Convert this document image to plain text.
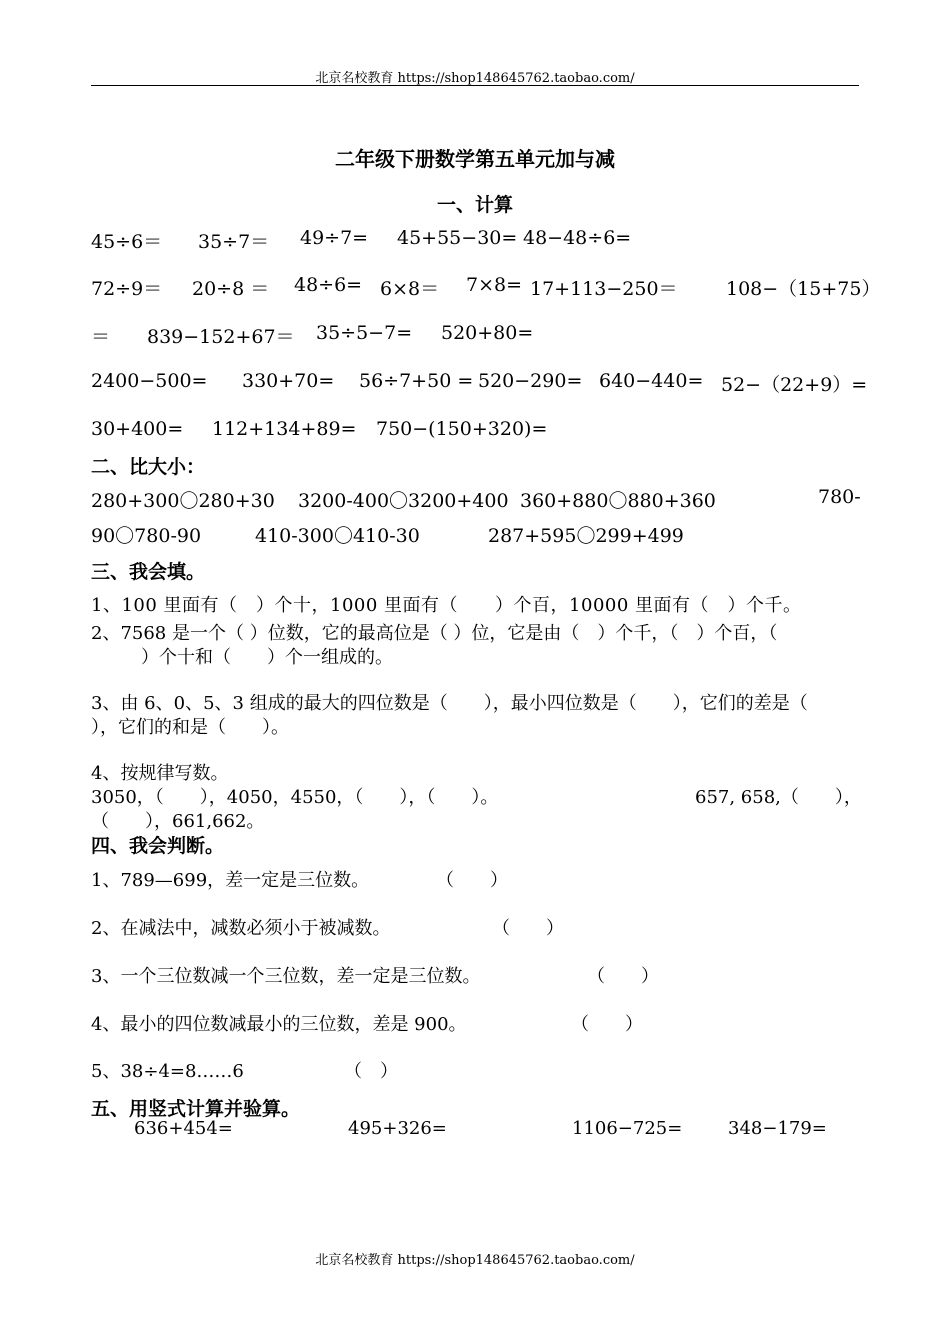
北京名校教育 https://shop148645762.taobao.com/
二年级下册数学第五单元加与减
一、计算
45÷6＝ 35÷7＝ 49÷7= 45+55−30= 48−48÷6=
72÷9＝ 20÷8 ＝ 48÷6= 6×8＝ 7×8= 17+113−250＝	108−（15+75）
＝ 839−152+67＝ 35÷5−7= 520+80=
2400−500= 330+70= 56÷7+50 = 520−290= 640−440= 52−（22+9）=
30+400= 112+134+89= 750−(150+320)=
二、比大小：
280+300〇280+30 3200-400〇3200+400 360+880〇880+360	780-
90〇780-90	410-300〇410-30	287+595〇299+499
三、我会填。
1、100 里面有（　）个十，1000 里面有（　　）个百，10000 里面有（　）个千。
2、7568 是一个（ ）位数，它的最高位是（ ）位，它是由（　）个千，（　）个百，（
）个十和（　　）个一组成的。
3、由 6、0、5、3 组成的最大的四位数是（　　），最小四位数是（　　），它们的差是（
），它们的和是（　　）。
4、按规律写数。
3050，（　　），4050，4550，（　　），（　　）。	657, 658,（　　），
（　　），661,662。
四、我会判断。
1、789—699，差一定是三位数。	（　　）
2、在减法中，减数必须小于被减数。	（　　）
3、一个三位数减一个三位数，差一定是三位数。	（　　）
4、最小的四位数减最小的三位数，差是 900。	（　　）
5、38÷4=8……6	（　）
五、用竖式计算并验算。
636+454=	495+326=	1106−725=	348−179=
北京名校教育 https://shop148645762.taobao.com/
